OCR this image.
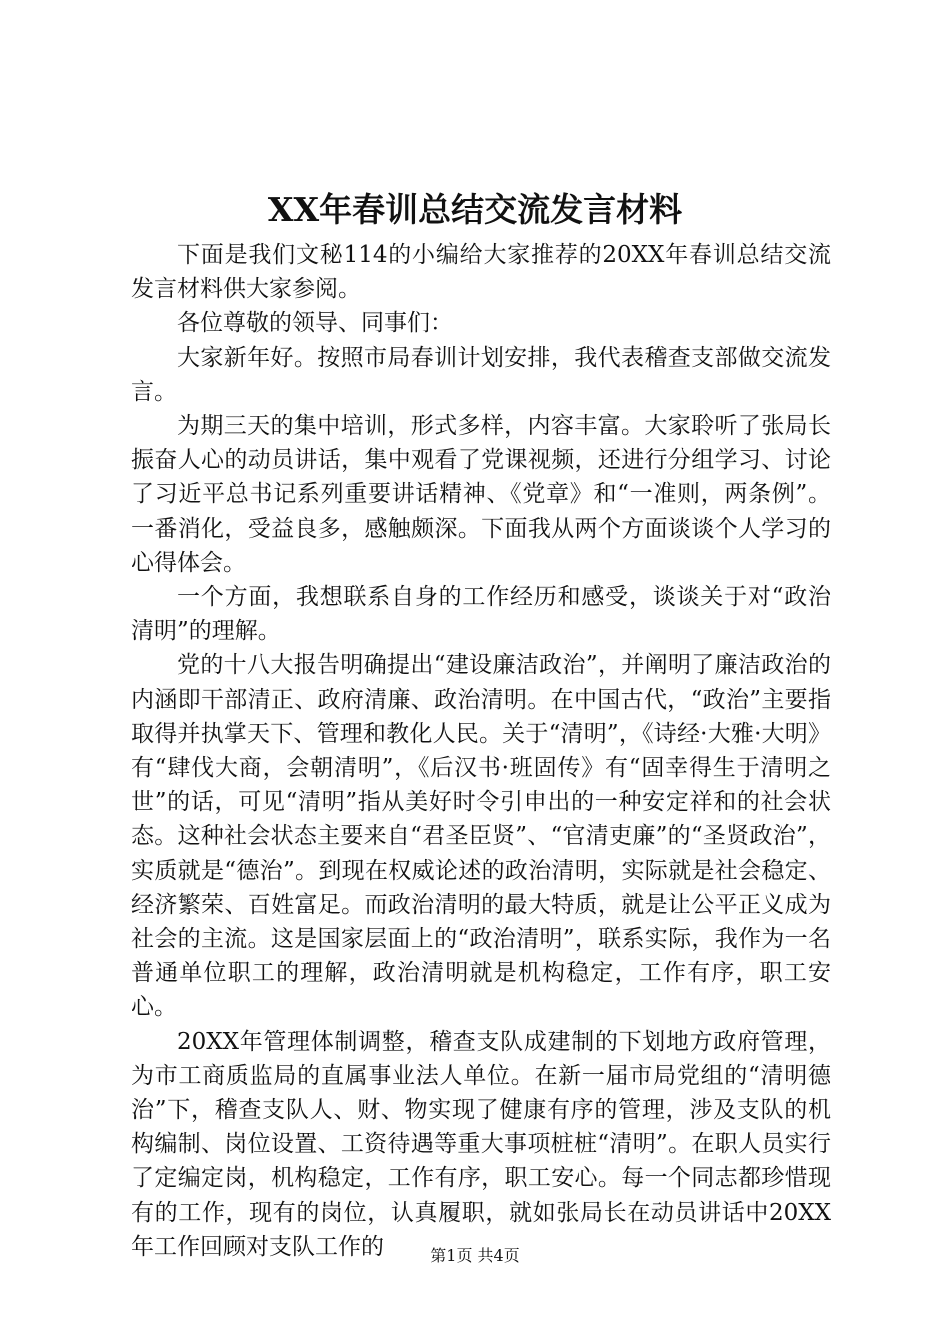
XX年春训总结交流发言材料

下面是我们文秘114的小编给大家推荐的20XX年春训总结交流发言材料供大家参阅。

各位尊敬的领导、同事们：

大家新年好。按照市局春训计划安排，我代表稽查支部做交流发言。

为期三天的集中培训，形式多样，内容丰富。大家聆听了张局长振奋人心的动员讲话，集中观看了党课视频，还进行分组学习、讨论了习近平总书记系列重要讲话精神、《党章》和“一准则，两条例”。一番消化，受益良多，感触颇深。下面我从两个方面谈谈个人学习的心得体会。

一个方面，我想联系自身的工作经历和感受，谈谈关于对“政治清明”的理解。

党的十八大报告明确提出“建设廉洁政治”，并阐明了廉洁政治的内涵即干部清正、政府清廉、政治清明。在中国古代，“政治”主要指取得并执掌天下、管理和教化人民。关于“清明”，《诗经·大雅·大明》有“肆伐大商，会朝清明”，《后汉书·班固传》有“固幸得生于清明之世”的话，可见“清明”指从美好时令引申出的一种安定祥和的社会状态。这种社会状态主要来自“君圣臣贤”、“官清吏廉”的“圣贤政治”，实质就是“德治”。到现在权威论述的政治清明，实际就是社会稳定、经济繁荣、百姓富足。而政治清明的最大特质，就是让公平正义成为社会的主流。这是国家层面上的“政治清明”，联系实际，我作为一名普通单位职工的理解，政治清明就是机构稳定，工作有序，职工安心。

20XX年管理体制调整，稽查支队成建制的下划地方政府管理，为市工商质监局的直属事业法人单位。在新一届市局党组的“清明德治”下，稽查支队人、财、物实现了健康有序的管理，涉及支队的机构编制、岗位设置、工资待遇等重大事项桩桩“清明”。在职人员实行了定编定岗，机构稳定，工作有序，职工安心。每一个同志都珍惜现有的工作，现有的岗位，认真履职，就如张局长在动员讲话中20XX年工作回顾对支队工作的	第1页 共4页
